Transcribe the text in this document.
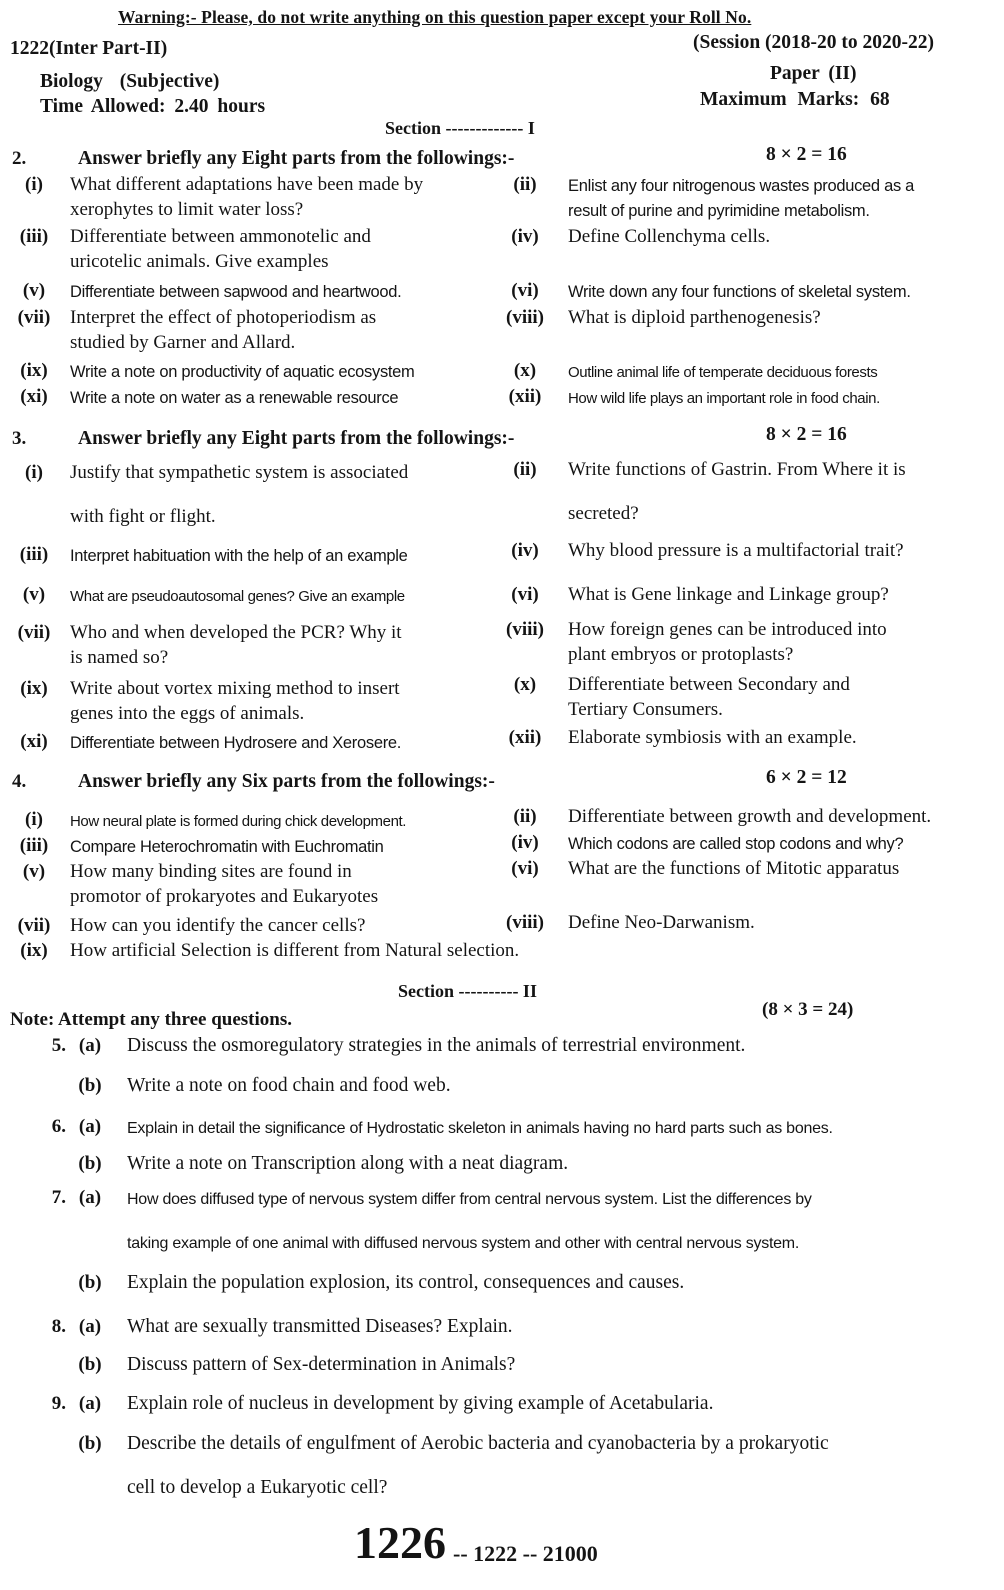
Warning:- Please, do not write anything on this question paper except your Roll No.
1222(Inter Part-II)	(Session (2018-20 to 2020-22)
Biology (Subjective)	Paper (II)
Time Allowed: 2.40 hours	Maximum Marks: 68
Section ------------- I
2.	Answer briefly any Eight parts from the followings:-	8 × 2 = 16
(i)	What different adaptations have been made by
xerophytes to limit water loss?
(ii)	Enlist any four nitrogenous wastes produced as a
result of purine and pyrimidine metabolism.
(iii)	Differentiate between ammonotelic and
uricotelic animals. Give examples
(iv)	Define Collenchyma cells.
(v)	Differentiate between sapwood and heartwood.	(vi)	Write down any four functions of skeletal system.
(vii)	Interpret the effect of photoperiodism as
studied by Garner and Allard.
(viii)	What is diploid parthenogenesis?
(ix)	Write a note on productivity of aquatic ecosystem	(x)	Outline animal life of temperate deciduous forests
(xi)	Write a note on water as a renewable resource	(xii)	How wild life plays an important role in food chain.
3.	Answer briefly any Eight parts from the followings:-	8 × 2 = 16
(i)	Justify that sympathetic system is associated
with fight or flight.
(ii)	Write functions of Gastrin. From Where it is
secreted?
(iii)	Interpret habituation with the help of an example	(iv)	Why blood pressure is a multifactorial trait?
(v)	What are pseudoautosomal genes? Give an example	(vi)	What is Gene linkage and Linkage group?
(vii)	Who and when developed the PCR? Why it
is named so?
(viii)	How foreign genes can be introduced into
plant embryos or protoplasts?
(ix)	Write about vortex mixing method to insert
genes into the eggs of animals.
(x)	Differentiate between Secondary and
Tertiary Consumers.
(xi)	Differentiate between Hydrosere and Xerosere.	(xii)	Elaborate symbiosis with an example.
4.	Answer briefly any Six parts from the followings:-	6 × 2 = 12
(i)	How neural plate is formed during chick development.	(ii)	Differentiate between growth and development.
(iii)	Compare Heterochromatin with Euchromatin	(iv)	Which codons are called stop codons and why?
(v)	How many binding sites are found in
promotor of prokaryotes and Eukaryotes
(vi)	What are the functions of Mitotic apparatus
(vii)	How can you identify the cancer cells?	(viii)	Define Neo-Darwanism.
(ix)	How artificial Selection is different from Natural selection.
Section ---------- II
Note: Attempt any three questions.	(8 × 3 = 24)
5. (a)	Discuss the osmoregulatory strategies in the animals of terrestrial environment.
(b)	Write a note on food chain and food web.
6. (a)	Explain in detail the significance of Hydrostatic skeleton in animals having no hard parts such as bones.
(b)	Write a note on Transcription along with a neat diagram.
7. (a)	How does diffused type of nervous system differ from central nervous system. List the differences by
taking example of one animal with diffused nervous system and other with central nervous system.
(b)	Explain the population explosion, its control, consequences and causes.
8. (a)	What are sexually transmitted Diseases? Explain.
(b)	Discuss pattern of Sex-determination in Animals?
9. (a)	Explain role of nucleus in development by giving example of Acetabularia.
(b)	Describe the details of engulfment of Aerobic bacteria and cyanobacteria by a prokaryotic
cell to develop a Eukaryotic cell?
1226 -- 1222 -- 21000
